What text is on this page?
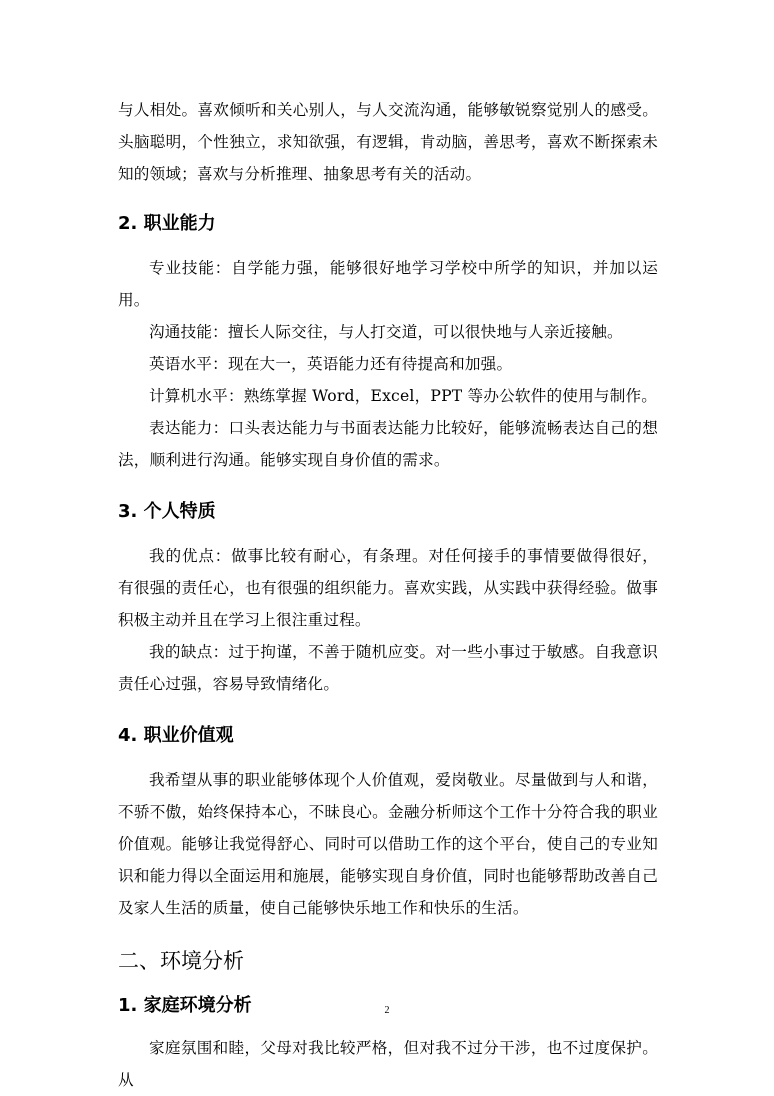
与人相处。喜欢倾听和关心别人，与人交流沟通，能够敏锐察觉别人的感受。头脑聪明，个性独立，求知欲强，有逻辑，肯动脑，善思考，喜欢不断探索未知的领域；喜欢与分析推理、抽象思考有关的活动。

2. 职业能力

专业技能：自学能力强，能够很好地学习学校中所学的知识，并加以运用。

沟通技能：擅长人际交往，与人打交道，可以很快地与人亲近接触。

英语水平：现在大一，英语能力还有待提高和加强。

计算机水平：熟练掌握 Word，Excel，PPT 等办公软件的使用与制作。

表达能力：口头表达能力与书面表达能力比较好，能够流畅表达自己的想法，顺利进行沟通。能够实现自身价值的需求。

3. 个人特质

我的优点：做事比较有耐心，有条理。对任何接手的事情要做得很好， 有很强的责任心，也有很强的组织能力。喜欢实践，从实践中获得经验。做事积极主动并且在学习上很注重过程。

我的缺点：过于拘谨，不善于随机应变。对一些小事过于敏感。自我意识责任心过强，容易导致情绪化。

4. 职业价值观

我希望从事的职业能够体现个人价值观，爱岗敬业。尽量做到与人和谐，不骄不傲，始终保持本心，不昧良心。金融分析师这个工作十分符合我的职业价值观。能够让我觉得舒心、同时可以借助工作的这个平台，使自己的专业知识和能力得以全面运用和施展，能够实现自身价值，同时也能够帮助改善自己及家人生活的质量，使自己能够快乐地工作和快乐的生活。

二、环境分析
1. 家庭环境分析

家庭氛围和睦，父母对我比较严格，但对我不过分干涉，也不过度保护。从

2
